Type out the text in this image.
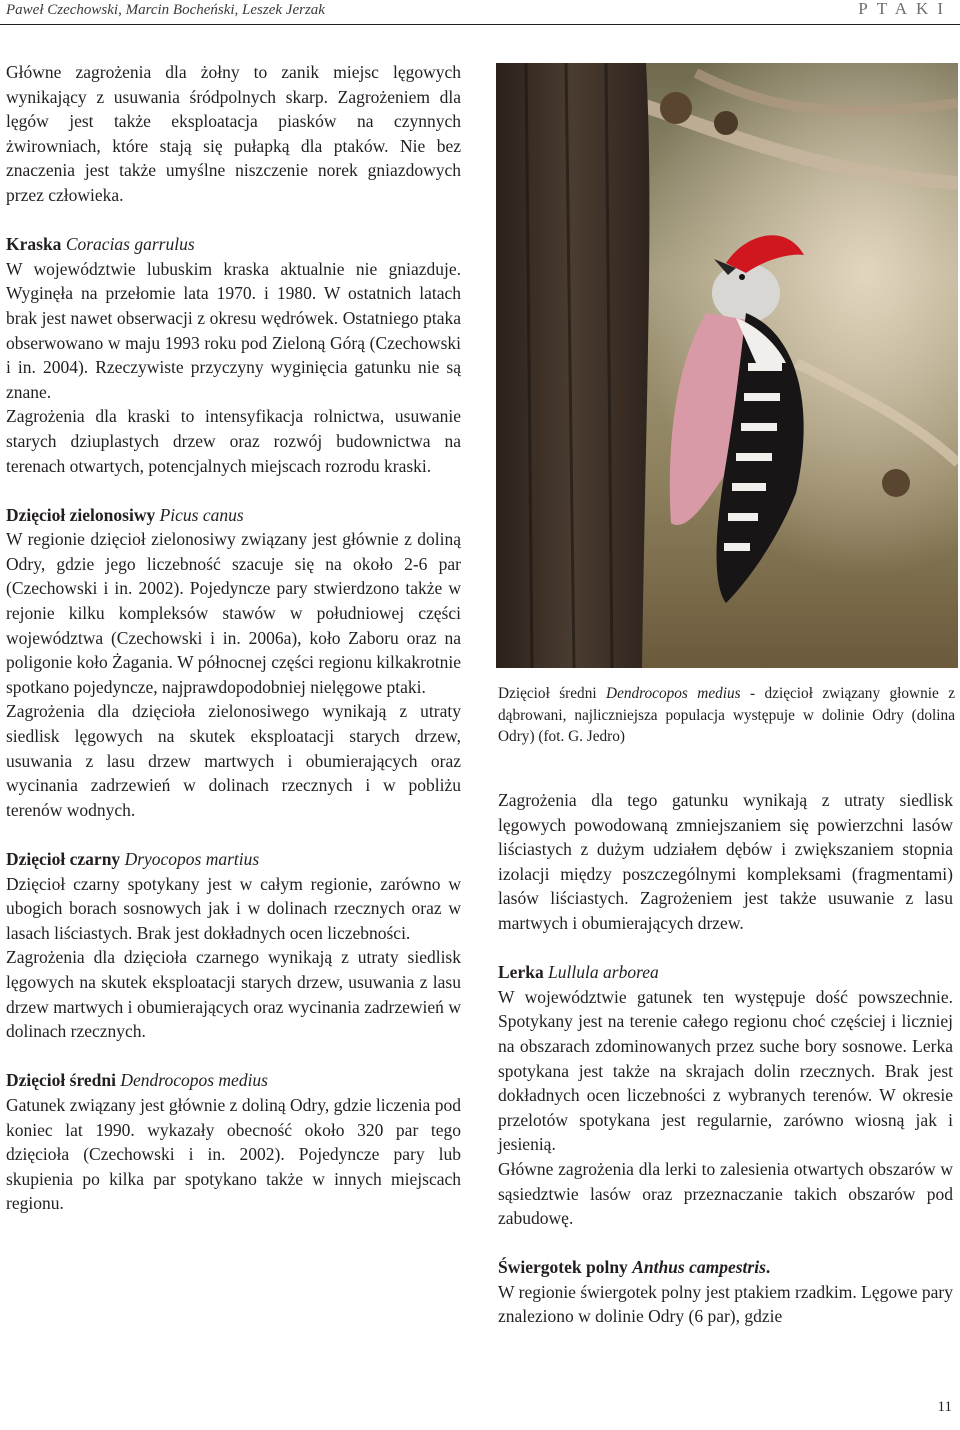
Paweł Czechowski, Marcin Bocheński, Leszek Jerzak	PTAKI

Główne zagrożenia dla żołny to zanik miejsc lęgowych wynikający z usuwania śródpolnych skarp. Zagrożeniem dla lęgów jest także eksploatacja piasków na czynnych żwirowniach, które stają się pułapką dla ptaków. Nie bez znaczenia jest także umyślne niszczenie norek gniazdowych przez człowieka.

Kraska Coracias garrulus

W województwie lubuskim kraska aktualnie nie gniazduje. Wyginęła na przełomie lata 1970. i 1980. W ostatnich latach brak jest nawet obserwacji z okresu wędrówek. Ostatniego ptaka obserwowano w maju 1993 roku pod Zieloną Górą (Czechowski i in. 2004). Rzeczywiste przyczyny wyginięcia gatunku nie są znane.

Zagrożenia dla kraski to intensyfikacja rolnictwa, usuwanie starych dziuplastych drzew oraz rozwój budownictwa na terenach otwartych, potencjalnych miejscach rozrodu kraski.

Dzięcioł zielonosiwy Picus canus

W regionie dzięcioł zielonosiwy związany jest głównie z doliną Odry, gdzie jego liczebność szacuje się na około 2-6 par (Czechowski i in. 2002). Pojedyncze pary stwierdzono także w rejonie kilku kompleksów stawów w południowej części województwa (Czechowski i in. 2006a), koło Zaboru oraz na poligonie koło Żagania. W północnej części regionu kilkakrotnie spotkano pojedyncze, najprawdopodobniej nielęgowe ptaki.

Zagrożenia dla dzięcioła zielonosiwego wynikają z utraty siedlisk lęgowych na skutek eksploatacji starych drzew, usuwania z lasu drzew martwych i obumierających oraz wycinania zadrzewień w dolinach rzecznych i w pobliżu terenów wodnych.

Dzięcioł czarny Dryocopos martius

Dzięcioł czarny spotykany jest w całym regionie, zarówno w ubogich borach sosnowych jak i w dolinach rzecznych oraz w lasach liściastych. Brak jest dokładnych ocen liczebności.

Zagrożenia dla dzięcioła czarnego wynikają z utraty siedlisk lęgowych na skutek eksploatacji starych drzew, usuwania z lasu drzew martwych i obumierających oraz wycinania zadrzewień w dolinach rzecznych.

Dzięcioł średni Dendrocopos medius

Gatunek związany jest głównie z doliną Odry, gdzie liczenia pod koniec lat 1990. wykazały obecność około 320 par tego dzięcioła (Czechowski i in. 2002). Pojedyncze pary lub skupienia po kilka par spotykano także w innych miejscach regionu.

Dzięcioł średni Dendrocopos medius - dzięcioł związany głownie z dąbrowani, najliczniejsza populacja występuje w dolinie Odry (dolina Odry) (fot. G. Jedro)

Zagrożenia dla tego gatunku wynikają z utraty siedlisk lęgowych powodowaną zmniejszaniem się powierzchni lasów liściastych z dużym udziałem dębów i zwiększaniem stopnia izolacji między poszczególnymi kompleksami (fragmentami) lasów liściastych. Zagrożeniem jest także usuwanie z lasu martwych i obumierających drzew.

Lerka Lullula arborea

W województwie gatunek ten występuje dość powszechnie. Spotykany jest na terenie całego regionu choć częściej i liczniej na obszarach zdominowanych przez suche bory sosnowe. Lerka spotykana jest także na skrajach dolin rzecznych. Brak jest dokładnych ocen liczebności z wybranych terenów. W okresie przelotów spotykana jest regularnie, zarówno wiosną jak i jesienią.

Główne zagrożenia dla lerki to zalesienia otwartych obszarów w sąsiedztwie lasów oraz przeznaczanie takich obszarów pod zabudowę.

Świergotek polny Anthus campestris.

W regionie świergotek polny jest ptakiem rzadkim. Lęgowe pary znaleziono w dolinie Odry (6 par), gdzie

11
